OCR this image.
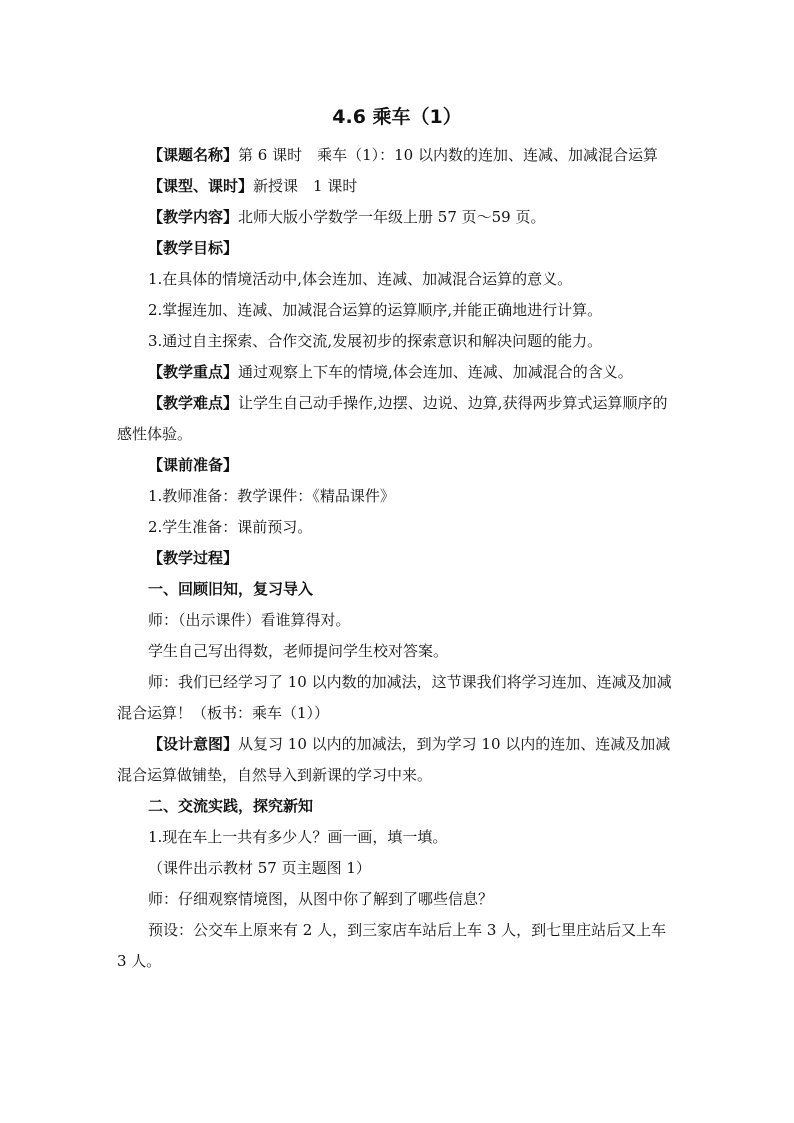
4.6 乘车（1）

【课题名称】第 6 课时　乘车（1）：10 以内数的连加、连减、加减混合运算

【课型、课时】新授课　1 课时

【教学内容】北师大版小学数学一年级上册 57 页～59 页。

【教学目标】

1.在具体的情境活动中,体会连加、连减、加减混合运算的意义。

2.掌握连加、连减、加减混合运算的运算顺序,并能正确地进行计算。

3.通过自主探索、合作交流,发展初步的探索意识和解决问题的能力。

【教学重点】通过观察上下车的情境,体会连加、连减、加减混合的含义。

【教学难点】让学生自己动手操作,边摆、边说、边算,获得两步算式运算顺序的感性体验。

【课前准备】

1.教师准备：教学课件：《精品课件》

2.学生准备：课前预习。

【教学过程】

一、回顾旧知，复习导入

师：（出示课件）看谁算得对。

学生自己写出得数，老师提问学生校对答案。

师：我们已经学习了 10 以内数的加减法，这节课我们将学习连加、连减及加减混合运算！（板书：乘车（1））

【设计意图】从复习 10 以内的加减法，到为学习 10 以内的连加、连减及加减混合运算做铺垫，自然导入到新课的学习中来。

二、交流实践，探究新知

1.现在车上一共有多少人？画一画，填一填。

（课件出示教材 57 页主题图 1）

师：仔细观察情境图，从图中你了解到了哪些信息？

预设：公交车上原来有 2 人，到三家店车站后上车 3 人，到七里庄站后又上车 3 人。
